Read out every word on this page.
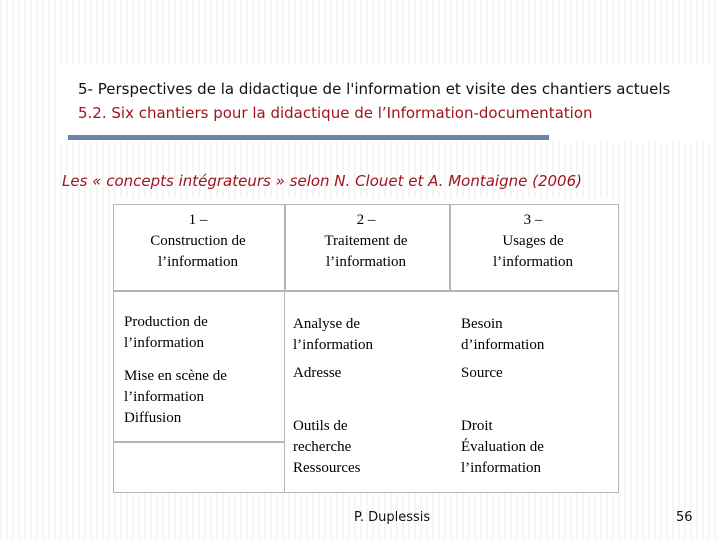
5- Perspectives de la didactique de l'information et visite des chantiers actuels
5.2. Six chantiers pour la didactique de l’Information-documentation
Les « concepts intégrateurs » selon N. Clouet et A. Montaigne (2006)
1 –
Construction de
l’information
2 –
Traitement de
l’information
3 –
Usages de
l’information
Production de
l’information
Mise en scène de
l’information
Diffusion
Analyse de
l’information
Adresse
Outils de
recherche
Ressources
Besoin
d’information
Source
Droit
Évaluation de
l’information
P. Duplessis	56
